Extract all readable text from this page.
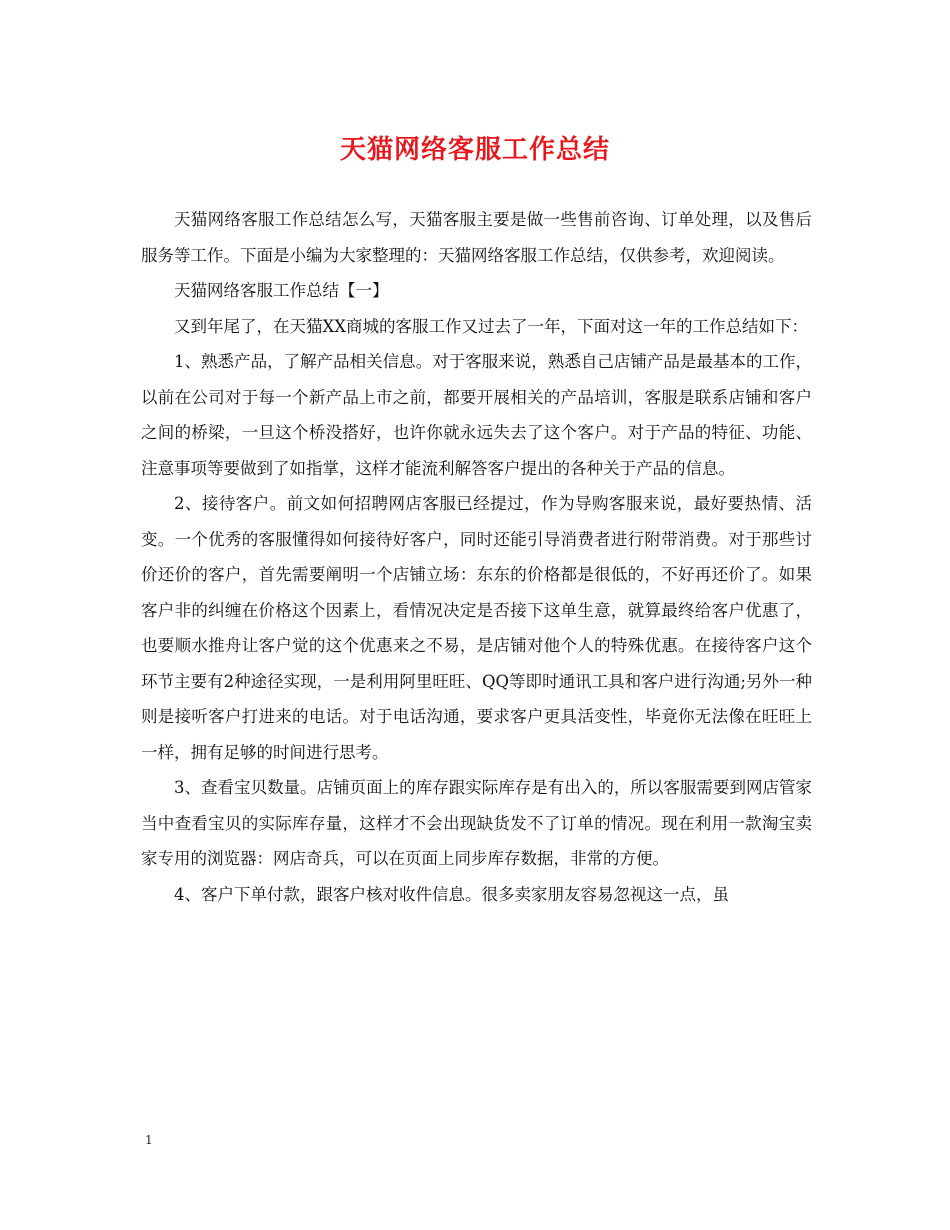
天猫网络客服工作总结

天猫网络客服工作总结怎么写，天猫客服主要是做一些售前咨询、订单处理，以及售后服务等工作。下面是小编为大家整理的：天猫网络客服工作总结，仅供参考，欢迎阅读。

天猫网络客服工作总结【一】

又到年尾了，在天猫XX商城的客服工作又过去了一年，下面对这一年的工作总结如下：

1、熟悉产品，了解产品相关信息。对于客服来说，熟悉自己店铺产品是最基本的工作，以前在公司对于每一个新产品上市之前，都要开展相关的产品培训，客服是联系店铺和客户之间的桥梁，一旦这个桥没搭好，也许你就永远失去了这个客户。对于产品的特征、功能、注意事项等要做到了如指掌，这样才能流利解答客户提出的各种关于产品的信息。

2、接待客户。前文如何招聘网店客服已经提过，作为导购客服来说，最好要热情、活变。一个优秀的客服懂得如何接待好客户，同时还能引导消费者进行附带消费。对于那些讨价还价的客户，首先需要阐明一个店铺立场：东东的价格都是很低的，不好再还价了。如果客户非的纠缠在价格这个因素上，看情况决定是否接下这单生意，就算最终给客户优惠了，也要顺水推舟让客户觉的这个优惠来之不易，是店铺对他个人的特殊优惠。在接待客户这个环节主要有2种途径实现，一是利用阿里旺旺、QQ等即时通讯工具和客户进行沟通;另外一种则是接听客户打进来的电话。对于电话沟通，要求客户更具活变性，毕竟你无法像在旺旺上一样，拥有足够的时间进行思考。

3、查看宝贝数量。店铺页面上的库存跟实际库存是有出入的，所以客服需要到网店管家当中查看宝贝的实际库存量，这样才不会出现缺货发不了订单的情况。现在利用一款淘宝卖家专用的浏览器：网店奇兵，可以在页面上同步库存数据，非常的方便。

4、客户下单付款，跟客户核对收件信息。很多卖家朋友容易忽视这一点，虽

1
